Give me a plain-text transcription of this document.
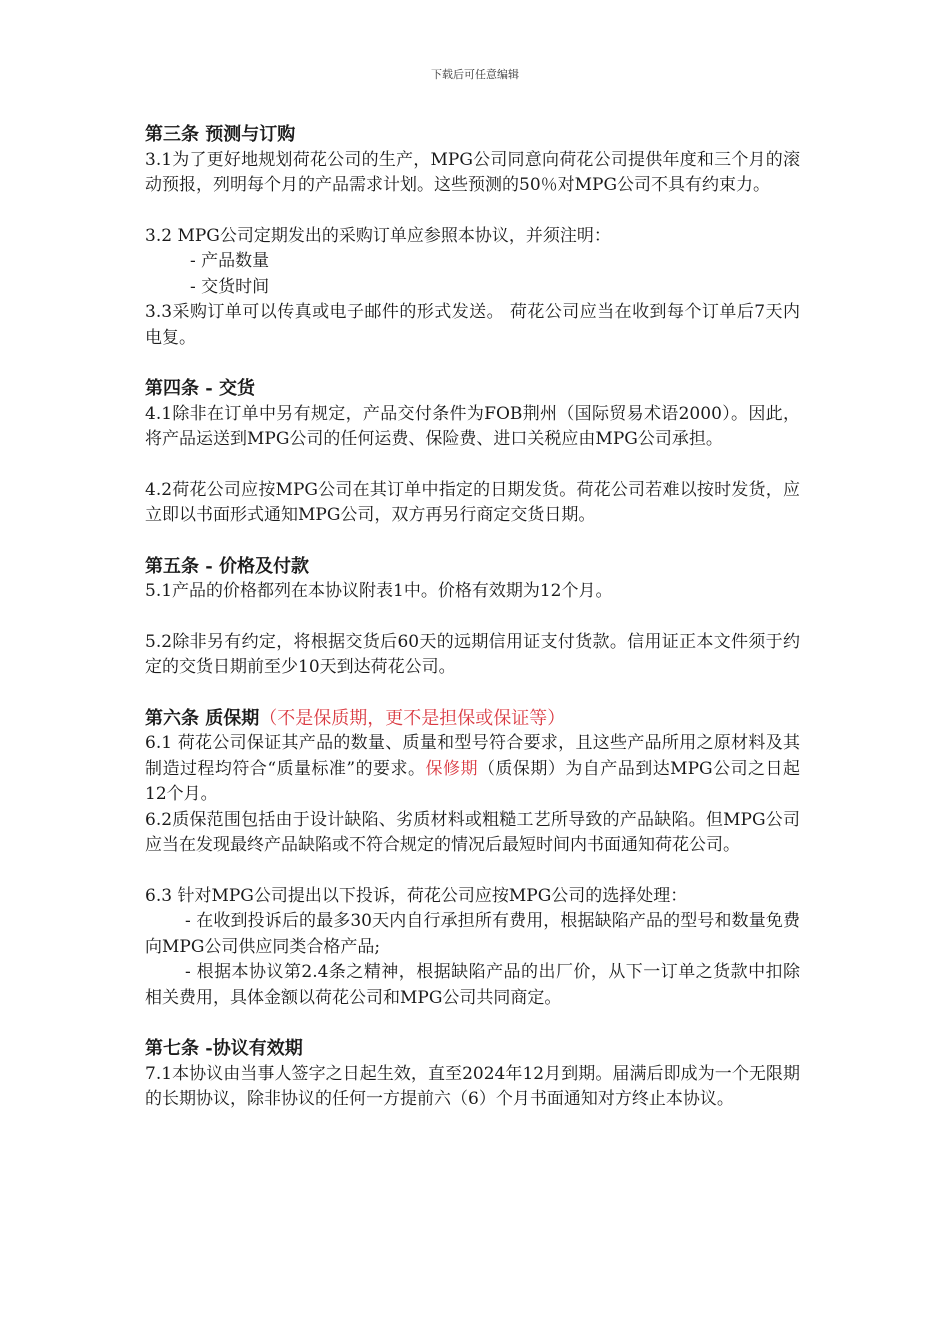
下载后可任意编辑

第三条 预测与订购

3.1为了更好地规划荷花公司的生产，MPG公司同意向荷花公司提供年度和三个月的滚动预报，列明每个月的产品需求计划。这些预测的50％对MPG公司不具有约束力。

3.2 MPG公司定期发出的采购订单应参照本协议，并须注明：

- 产品数量

- 交货时间

3.3采购订单可以传真或电子邮件的形式发送。 荷花公司应当在收到每个订单后7天内电复。

第四条 - 交货

4.1除非在订单中另有规定，产品交付条件为FOB荆州（国际贸易术语2000）。因此，将产品运送到MPG公司的任何运费、保险费、进口关税应由MPG公司承担。

4.2荷花公司应按MPG公司在其订单中指定的日期发货。荷花公司若难以按时发货，应立即以书面形式通知MPG公司，双方再另行商定交货日期。

第五条 - 价格及付款

5.1产品的价格都列在本协议附表1中。价格有效期为12个月。

5.2除非另有约定，将根据交货后60天的远期信用证支付货款。信用证正本文件须于约定的交货日期前至少10天到达荷花公司。

第六条 质保期（不是保质期，更不是担保或保证等）

6.1 荷花公司保证其产品的数量、质量和型号符合要求，且这些产品所用之原材料及其制造过程均符合“质量标准”的要求。保修期（质保期）为自产品到达MPG公司之日起12个月。

6.2质保范围包括由于设计缺陷、劣质材料或粗糙工艺所导致的产品缺陷。但MPG公司应当在发现最终产品缺陷或不符合规定的情况后最短时间内书面通知荷花公司。

6.3 针对MPG公司提出以下投诉，荷花公司应按MPG公司的选择处理：

- 在收到投诉后的最多30天内自行承担所有费用，根据缺陷产品的型号和数量免费向MPG公司供应同类合格产品;

- 根据本协议第2.4条之精神，根据缺陷产品的出厂价，从下一订单之货款中扣除相关费用，具体金额以荷花公司和MPG公司共同商定。

第七条 -协议有效期

7.1本协议由当事人签字之日起生效，直至2024年12月到期。届满后即成为一个无限期的长期协议，除非协议的任何一方提前六（6）个月书面通知对方终止本协议。
